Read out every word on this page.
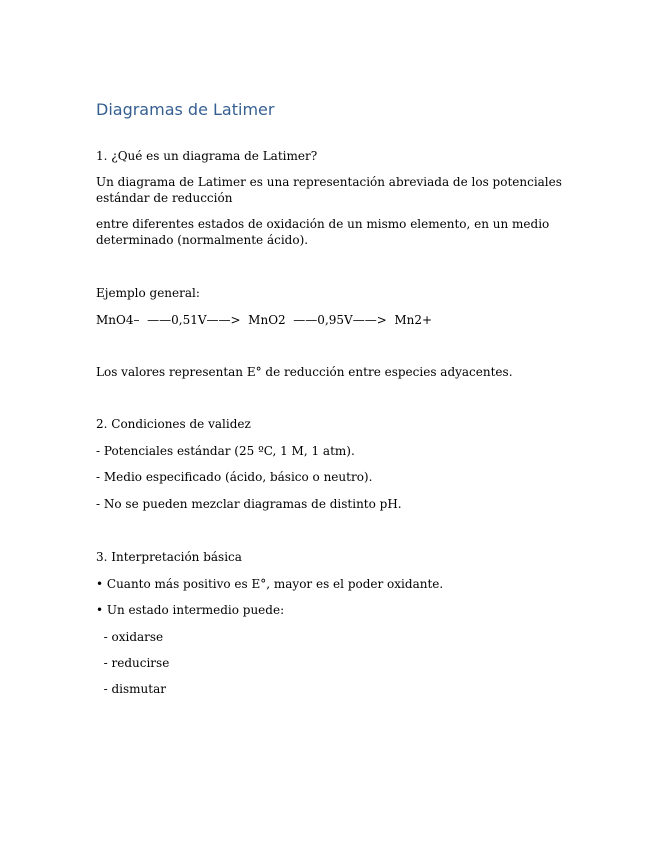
Diagramas de Latimer
1. ¿Qué es un diagrama de Latimer?
Un diagrama de Latimer es una representación abreviada de los potenciales estándar de reducción
entre diferentes estados de oxidación de un mismo elemento, en un medio determinado (normalmente ácido).
Ejemplo general:
MnO4–  ——0,51V——>  MnO2  ——0,95V——>  Mn2+
Los valores representan E° de reducción entre especies adyacentes.
2. Condiciones de validez
- Potenciales estándar (25 ºC, 1 M, 1 atm).
- Medio especificado (ácido, básico o neutro).
- No se pueden mezclar diagramas de distinto pH.
3. Interpretación básica
• Cuanto más positivo es E°, mayor es el poder oxidante.
• Un estado intermedio puede:
- oxidarse
- reducirse
- dismutar
